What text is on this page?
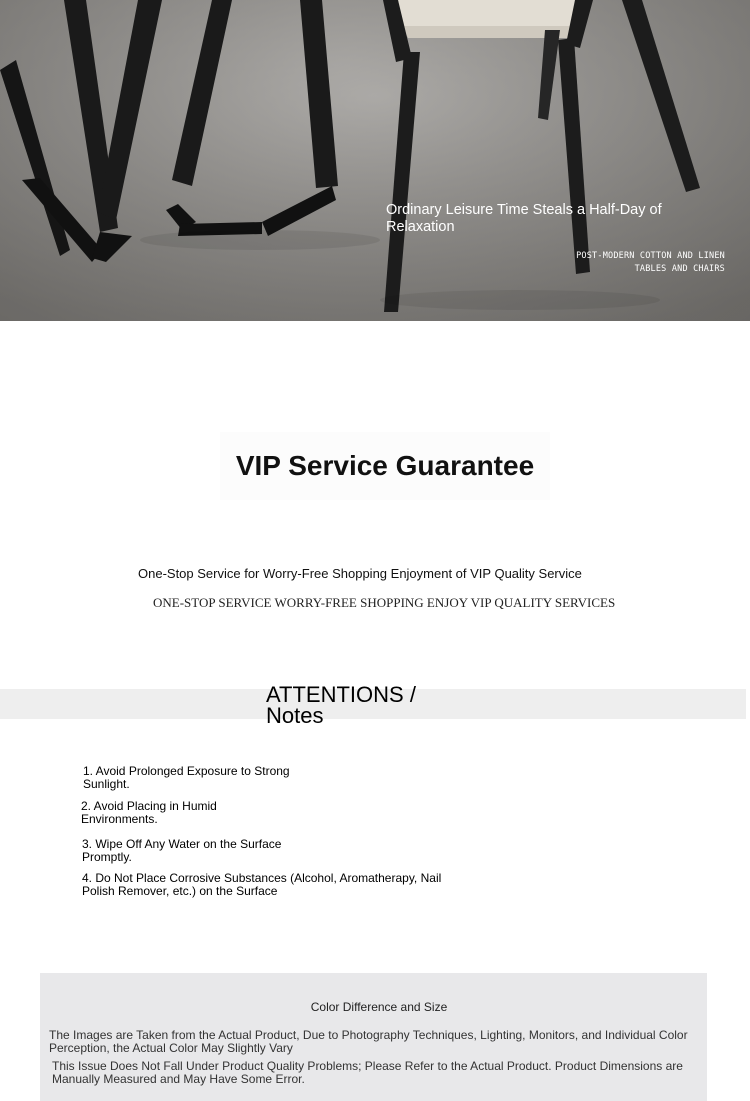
Ordinary Leisure Time Steals a Half-Day of Relaxation
POST-MODERN COTTON AND LINEN
TABLES AND CHAIRS
VIP Service Guarantee
One-Stop Service for Worry-Free Shopping Enjoyment of VIP Quality Service
ONE-STOP SERVICE WORRY-FREE SHOPPING ENJOY VIP QUALITY SERVICES
ATTENTIONS /
Notes
1. Avoid Prolonged Exposure to Strong Sunlight.
2. Avoid Placing in Humid Environments.
3. Wipe Off Any Water on the Surface Promptly.
4. Do Not Place Corrosive Substances (Alcohol, Aromatherapy, Nail Polish Remover, etc.) on the Surface
Color Difference and Size
The Images are Taken from the Actual Product, Due to Photography Techniques, Lighting, Monitors, and Individual Color Perception, the Actual Color May Slightly Vary
This Issue Does Not Fall Under Product Quality Problems; Please Refer to the Actual Product. Product Dimensions are Manually Measured and May Have Some Error.
